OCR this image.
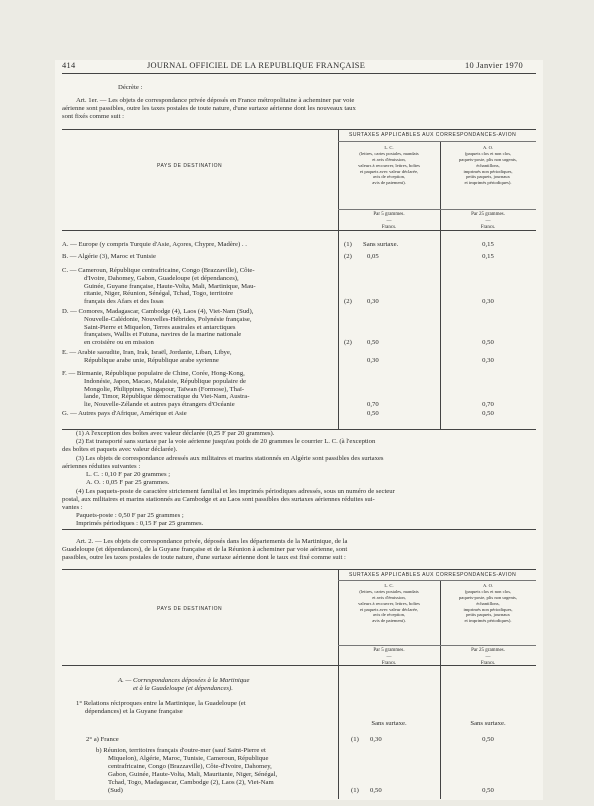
414	JOURNAL OFFICIEL DE LA REPUBLIQUE FRANÇAISE	10 Janvier 1970
Décrète :
Art. 1er. — Les objets de correspondance privée déposés en France métropolitaine à acheminer par voie
aérienne sont passibles, outre les taxes postales de toute nature, d'une surtaxe aérienne dont les nouveaux taux
sont fixés comme suit :
SURTAXES APPLICABLES AUX CORRESPONDANCES-AVION
PAYS DE DESTINATION
L. C.
(lettres, cartes postales, mandats
et avis d'émission,
valeurs à recouvrer, lettres, boîtes
et paquets avec valeur déclarée,
avis de réception,
avis de paiement).
A. O.
(paquets clos et non clos,
paquets-poste, plis non urgents,
échantillons,
imprimés non périodiques,
petits paquets, journaux
et imprimés périodiques).
Par 5 grammes.
—
Francs.
Par 25 grammes.
—
Francs.
A. — Europe (y compris Turquie d'Asie, Açores, Chypre, Madère) . .	(1) Sans surtaxe.	0,15
B. — Algérie (3), Maroc et Tunisie	(2) 0,05	0,15
C. — Cameroun, République centrafricaine, Congo (Brazzaville), Côte-
d'Ivoire, Dahomey, Gabon, Guadeloupe (et dépendances),
Guinée, Guyane française, Haute-Volta, Mali, Martinique, Mau-
ritanie, Niger, Réunion, Sénégal, Tchad, Togo, territoire
français des Afars et des Issas	(2) 0,30	0,30
D. — Comores, Madagascar, Cambodge (4), Laos (4), Viet-Nam (Sud),
Nouvelle-Calédonie, Nouvelles-Hébrides, Polynésie française,
Saint-Pierre et Miquelon, Terres australes et antarctiques
françaises, Wallis et Futuna, navires de la marine nationale
en croisière ou en mission	(2) 0,50	0,50
E. — Arabie saoudite, Iran, Irak, Israël, Jordanie, Liban, Libye,
République arabe unie, République arabe syrienne	0,30	0,30
F. — Birmanie, République populaire de Chine, Corée, Hong-Kong,
Indonésie, Japon, Macao, Malaisie, République populaire de
Mongolie, Philippines, Singapour, Taïwan (Formose), Thaï-
lande, Timor, République démocratique du Viet-Nam, Austra-
lie, Nouvelle-Zélande et autres pays étrangers d'Océanie	0,70	0,70
G. — Autres pays d'Afrique, Amérique et Asie	0,50	0,50
(1) A l'exception des boîtes avec valeur déclarée (0,25 F par 20 grammes).
(2) Est transporté sans surtaxe par la voie aérienne jusqu'au poids de 20 grammes le courrier L. C. (à l'exception
des boîtes et paquets avec valeur déclarée).
(3) Les objets de correspondance adressés aux militaires et marins stationnés en Algérie sont passibles des surtaxes
aériennes réduites suivantes :
L. C. : 0,10 F par 20 grammes ;
A. O. : 0,05 F par 25 grammes.
(4) Les paquets-poste de caractère strictement familial et les imprimés périodiques adressés, sous un numéro de secteur
postal, aux militaires et marins stationnés au Cambodge et au Laos sont passibles des surtaxes aériennes réduites sui-
vantes :
Paquets-poste : 0,50 F par 25 grammes ;
Imprimés périodiques : 0,15 F par 25 grammes.
Art. 2. — Les objets de correspondance privée, déposés dans les départements de la Martinique, de la
Guadeloupe (et dépendances), de la Guyane française et de la Réunion à acheminer par voie aérienne, sont
passibles, outre les taxes postales de toute nature, d'une surtaxe aérienne dont le taux est fixé comme suit :
SURTAXES APPLICABLES AUX CORRESPONDANCES-AVION
PAYS DE DESTINATION
L. C.
(lettres, cartes postales, mandats
et avis d'émission,
valeurs à recouvrer, lettres, boîtes
et paquets avec valeur déclarée,
avis de réception,
avis de paiement).
A. O.
(paquets clos et non clos,
paquets-poste, plis non urgents,
échantillons,
imprimés non périodiques,
petits paquets, journaux
et imprimés périodiques).
Par 5 grammes.
—
Francs.
Par 25 grammes.
—
Francs.
A. — Correspondances déposées à la Martinique
et à la Guadeloupe (et dépendances).
1° Relations réciproques entre la Martinique, la Guadeloupe (et
dépendances) et la Guyane française
Sans surtaxe.	Sans surtaxe.
2° a) France	(1) 0,30	0,50
b) Réunion, territoires français d'outre-mer (sauf Saint-Pierre et
Miquelon), Algérie, Maroc, Tunisie, Cameroun, République
centrafricaine, Congo (Brazzaville), Côte-d'Ivoire, Dahomey,
Gabon, Guinée, Haute-Volta, Mali, Mauritanie, Niger, Sénégal,
Tchad, Togo, Madagascar, Cambodge (2), Laos (2), Viet-Nam
(Sud)	(1) 0,50	0,50
